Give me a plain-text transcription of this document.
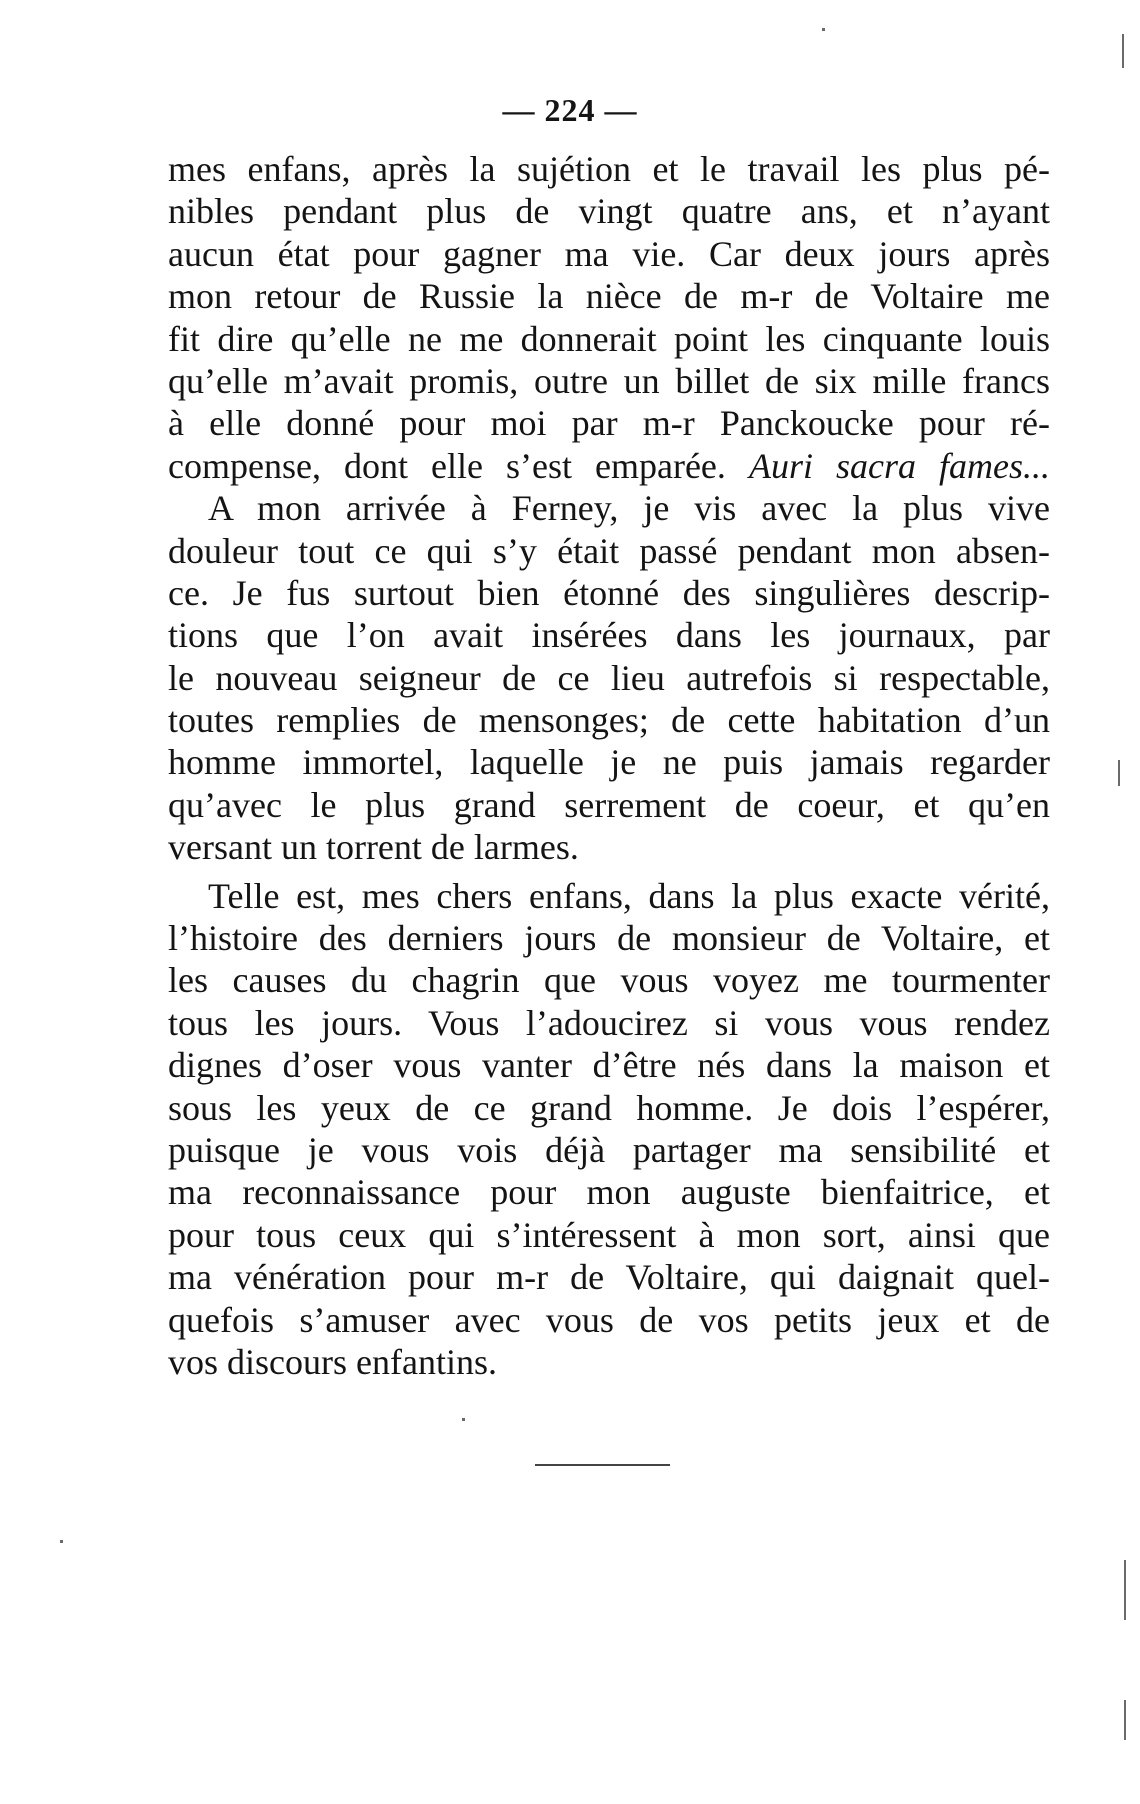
— 224 —
mes enfans, après la sujétion et le travail les plus pé-
nibles pendant plus de vingt quatre ans, et n’ayant
aucun état pour gagner ma vie. Car deux jours après
mon retour de Russie la nièce de m-r de Voltaire me
fit dire qu’elle ne me donnerait point les cinquante louis
qu’elle m’avait promis, outre un billet de six mille francs
à elle donné pour moi par m-r Panckoucke pour ré-
compense, dont elle s’est emparée. Auri sacra fames...
A mon arrivée à Ferney, je vis avec la plus vive
douleur tout ce qui s’y était passé pendant mon absen-
ce. Je fus surtout bien étonné des singulières descrip-
tions que l’on avait insérées dans les journaux, par
le nouveau seigneur de ce lieu autrefois si respectable,
toutes remplies de mensonges; de cette habitation d’un
homme immortel, laquelle je ne puis jamais regarder
qu’avec le plus grand serrement de coeur, et qu’en
versant un torrent de larmes.
Telle est, mes chers enfans, dans la plus exacte vérité,
l’histoire des derniers jours de monsieur de Voltaire, et
les causes du chagrin que vous voyez me tourmenter
tous les jours. Vous l’adoucirez si vous vous rendez
dignes d’oser vous vanter d’être nés dans la maison et
sous les yeux de ce grand homme. Je dois l’espérer,
puisque je vous vois déjà partager ma sensibilité et
ma reconnaissance pour mon auguste bienfaitrice, et
pour tous ceux qui s’intéressent à mon sort, ainsi que
ma vénération pour m-r de Voltaire, qui daignait quel-
quefois s’amuser avec vous de vos petits jeux et de
vos discours enfantins.
